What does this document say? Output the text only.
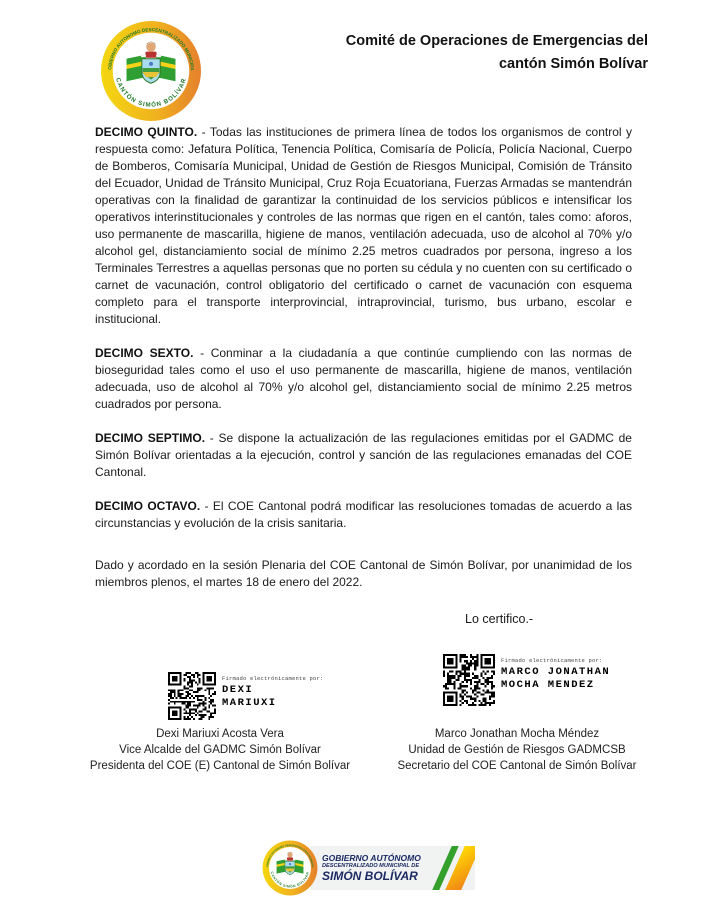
Comité de Operaciones de Emergencias del
cantón Simón Bolívar

DECIMO QUINTO. - Todas las instituciones de primera línea de todos los organismos de control y respuesta como: Jefatura Política, Tenencia Política, Comisaría de Policía, Policía Nacional, Cuerpo de Bomberos, Comisaría Municipal, Unidad de Gestión de Riesgos Municipal, Comisión de Tránsito del Ecuador, Unidad de Tránsito Municipal, Cruz Roja Ecuatoriana, Fuerzas Armadas se mantendrán operativas con la finalidad de garantizar la continuidad de los servicios públicos e intensificar los operativos interinstitucionales y controles de las normas que rigen en el cantón, tales como: aforos, uso permanente de mascarilla, higiene de manos, ventilación adecuada, uso de alcohol al 70% y/o alcohol gel, distanciamiento social de mínimo 2.25 metros cuadrados por persona, ingreso a los Terminales Terrestres a aquellas personas que no porten su cédula y no cuenten con su certificado o carnet de vacunación, control obligatorio del certificado o carnet de vacunación con esquema completo para el transporte interprovincial, intraprovincial, turismo, bus urbano, escolar e institucional.

DECIMO SEXTO. - Conminar a la ciudadanía a que continúe cumpliendo con las normas de bioseguridad tales como el uso el uso permanente de mascarilla, higiene de manos, ventilación adecuada, uso de alcohol al 70% y/o alcohol gel, distanciamiento social de mínimo 2.25 metros cuadrados por persona.

DECIMO SEPTIMO. - Se dispone la actualización de las regulaciones emitidas por el GADMC de Simón Bolívar orientadas a la ejecución, control y sanción de las regulaciones emanadas del COE Cantonal.

DECIMO OCTAVO. - El COE Cantonal podrá modificar las resoluciones tomadas de acuerdo a las circunstancias y evolución de la crisis sanitaria.

Dado y acordado en la sesión Plenaria del COE Cantonal de Simón Bolívar, por unanimidad de los miembros plenos, el martes 18 de enero del 2022.

Lo certifico.-
Firmado electrónicamente por:
DEXI
MARIUXI
Firmado electrónicamente por:
MARCO JONATHAN
MOCHA MENDEZ
Dexi Mariuxi Acosta Vera
Vice Alcalde del GADMC Simón Bolívar
Presidenta del COE (E) Cantonal de Simón Bolívar
Marco Jonathan Mocha Méndez
Unidad de Gestión de Riesgos GADMCSB
Secretario del COE Cantonal de Simón Bolívar
GOBIERNO AUTÓNOMO
DESCENTRALIZADO MUNICIPAL DE
SIMÓN BOLÍVAR
